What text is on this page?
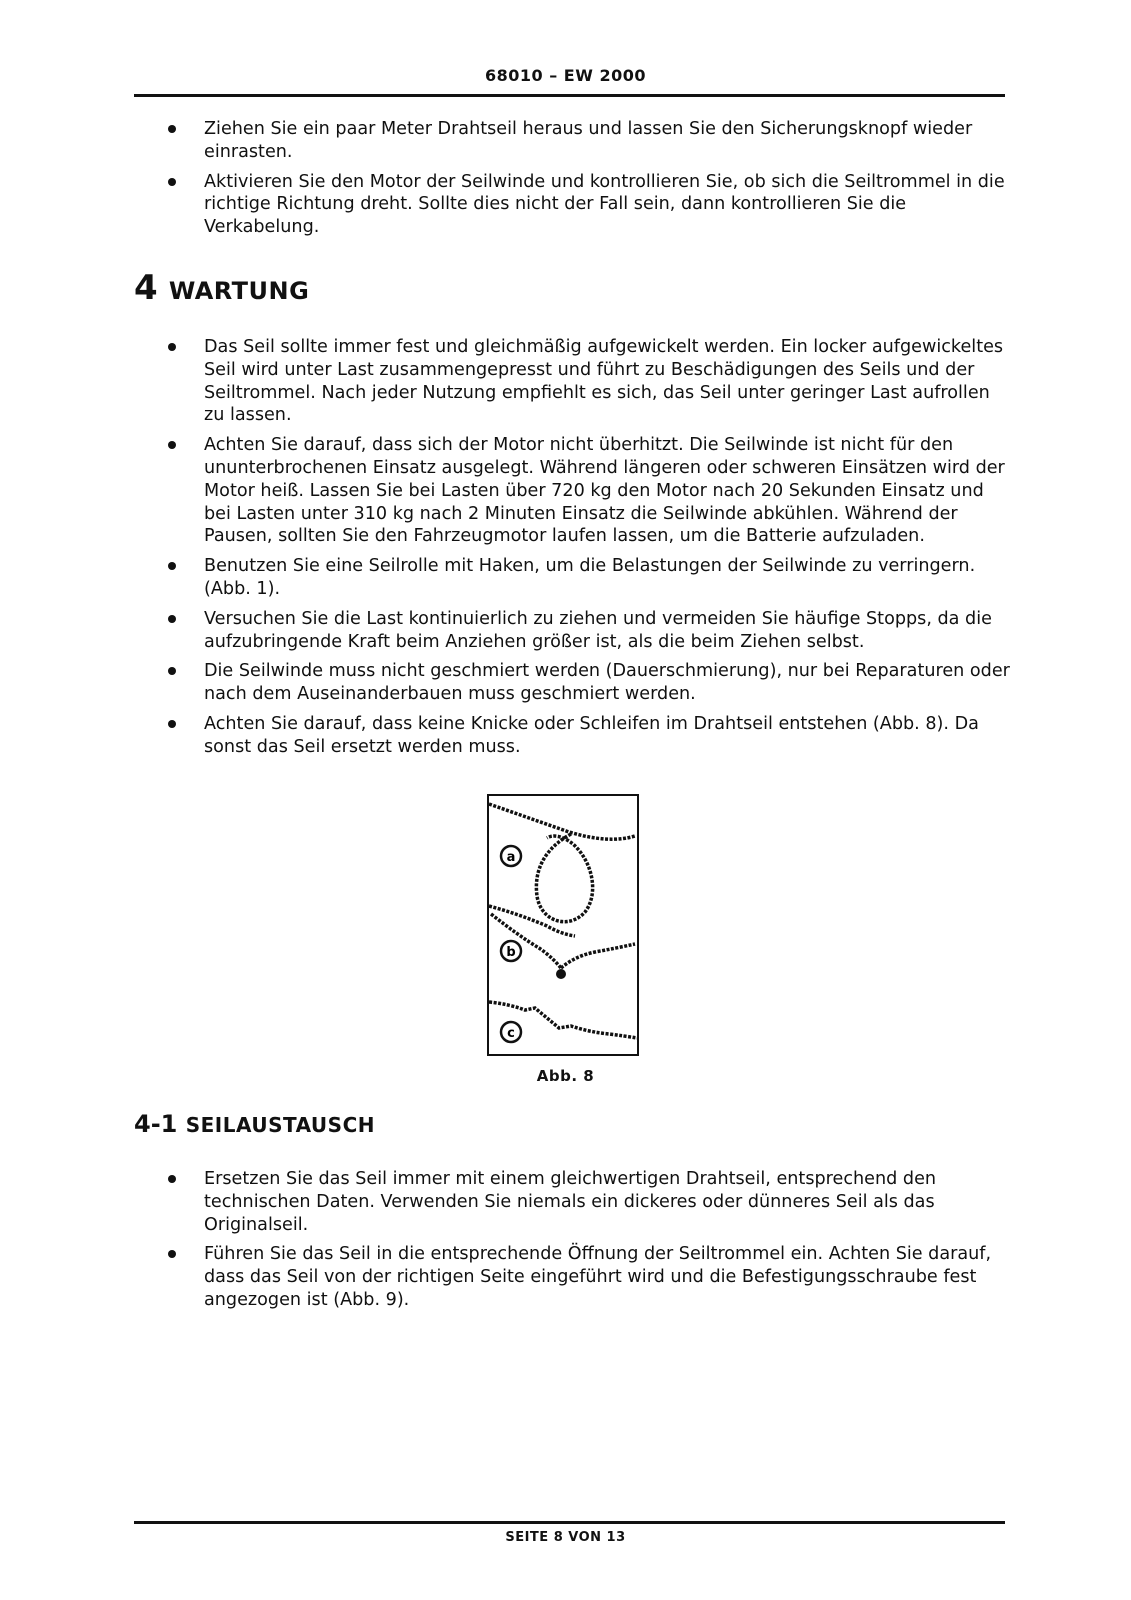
68010 – EW 2000
Ziehen Sie ein paar Meter Drahtseil heraus und lassen Sie den Sicherungsknopf wieder einrasten.
Aktivieren Sie den Motor der Seilwinde und kontrollieren Sie, ob sich die Seiltrommel in die richtige Richtung dreht. Sollte dies nicht der Fall sein, dann kontrollieren Sie die Verkabelung.
4 WARTUNG
Das Seil sollte immer fest und gleichmäßig aufgewickelt werden. Ein locker aufgewickeltes Seil wird unter Last zusammengepresst und führt zu Beschädigungen des Seils und der Seiltrommel. Nach jeder Nutzung empfiehlt es sich, das Seil unter geringer Last aufrollen zu lassen.
Achten Sie darauf, dass sich der Motor nicht überhitzt. Die Seilwinde ist nicht für den ununterbrochenen Einsatz ausgelegt. Während längeren oder schweren Einsätzen wird der Motor heiß. Lassen Sie bei Lasten über 720 kg den Motor nach 20 Sekunden Einsatz und bei Lasten unter 310 kg nach 2 Minuten Einsatz die Seilwinde abkühlen. Während der Pausen, sollten Sie den Fahrzeugmotor laufen lassen, um die Batterie aufzuladen.
Benutzen Sie eine Seilrolle mit Haken, um die Belastungen der Seilwinde zu verringern. (Abb. 1).
Versuchen Sie die Last kontinuierlich zu ziehen und vermeiden Sie häufige Stopps, da die aufzubringende Kraft beim Anziehen größer ist, als die beim Ziehen selbst.
Die Seilwinde muss nicht geschmiert werden (Dauerschmierung), nur bei Reparaturen oder nach dem Auseinanderbauen muss geschmiert werden.
Achten Sie darauf, dass keine Knicke oder Schleifen im Drahtseil entstehen (Abb. 8). Da sonst das Seil ersetzt werden muss.
a
b
c
Abb. 8
4-1 SEILAUSTAUSCH
Ersetzen Sie das Seil immer mit einem gleichwertigen Drahtseil, entsprechend den technischen Daten. Verwenden Sie niemals ein dickeres oder dünneres Seil als das Originalseil.
Führen Sie das Seil in die entsprechende Öffnung der Seiltrommel ein. Achten Sie darauf, dass das Seil von der richtigen Seite eingeführt wird und die Befestigungsschraube fest angezogen ist (Abb. 9).
SEITE 8 VON 13
